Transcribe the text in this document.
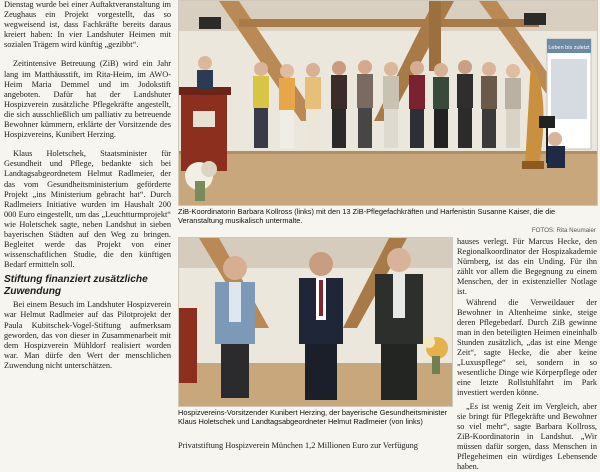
Dienstag wurde bei einer Auftaktveranstaltung im Zeughaus ein Projekt vorgestellt, das so wegweisend ist, dass Fachkräfte bereits daraus kreiert haben: In vier Landshuter Heimen mit sozialen Trägern wird künftig „gezibbt“.

Zeitintensive Betreuung (ZiB) wird ein Jahr lang im Matthäusstift, im Rita-Heim, im AWO-Heim Maria Demmel und im Jodokstift angeboten. Dafür hat der Landshuter Hospizverein zusätzliche Pflegekräfte angestellt, die sich ausschließlich um palliativ zu betreuende Bewohner kümmern, erklärte der Vorsitzende des Hospizvereins, Kunibert Herzing.

Klaus Holetschek, Staatsminister für Gesundheit und Pflege, bedankte sich bei Landtagsabgeordnetem Helmut Radlmeier, der das vom Gesundheitsministerium geförderte Projekt „ins Ministerium gebracht hat“. Durch Radlmeiers Initiative wurden im Haushalt 200 000 Euro eingestellt, um das „Leuchtturmprojekt“ wie Holetschek sagte, neben Landshut in sieben bayerischen Städten auf den Weg zu bringen. Begleitet werde das Projekt von einer wissenschaftlichen Studie, die den künftigen Bedarf ermitteln soll.

Stiftung finanziert zusätzliche Zuwendung

Bei einem Besuch im Landshuter Hospizverein war Helmut Radlmeier auf das Pilotprojekt der Paula Kubitschek-Vogel-Stiftung aufmerksam geworden, das von dieser in Zusammenarbeit mit dem Hospizverein Mühldorf realisiert worden war. Man dürfe den Wert der menschlichen Zuwendung nicht unterschätzen.

Leben bis zuletzt
ZiB-Koordinatorin Barbara Kollross (links) mit den 13 ZiB-Pflegefachkräften und Harfenistin Susanne Kaiser, die die Veranstaltung musikalisch untermalte.
FOTOS: Rita Neumaier
Hospizvereins-Vorsitzender Kunibert Herzing, der bayerische Gesundheitsminister Klaus Holetschek und Landtagsabgeordneter Helmut Radlmeier (von links)
Privatstiftung Hospizverein München 1,2 Millionen Euro zur Verfügung

hauses verlegt. Für Marcus Hecke, den Regionalkoordinator der Hospizakademie Nürnberg, ist das ein Unding. Für ihn zählt vor allem die Begegnung zu einem Menschen, der in existenzieller Notlage ist.

Während die Verweildauer der Bewohner in Altenheime sinke, steige deren Pflegebedarf. Durch ZiB gewinne man in den beteiligten Heimen eineinhalb Stunden zusätzlich, „das ist eine Menge Zeit“, sagte Hecke, die aber keine „Luxuspflege“ sei, sondern in so wesentliche Dinge wie Körperpflege oder eine letzte Rollstuhlfahrt im Park investiert werden könne.

„Es ist wenig Zeit im Vergleich, aber sie bringt für Pflegekräfte und Bewohner so viel mehr“, sagte Barbara Kollross, ZiB-Koordinatorin in Landshut. „Wir müssen dafür sorgen, dass Menschen in Pflegeheimen ein würdiges Lebensende haben.
